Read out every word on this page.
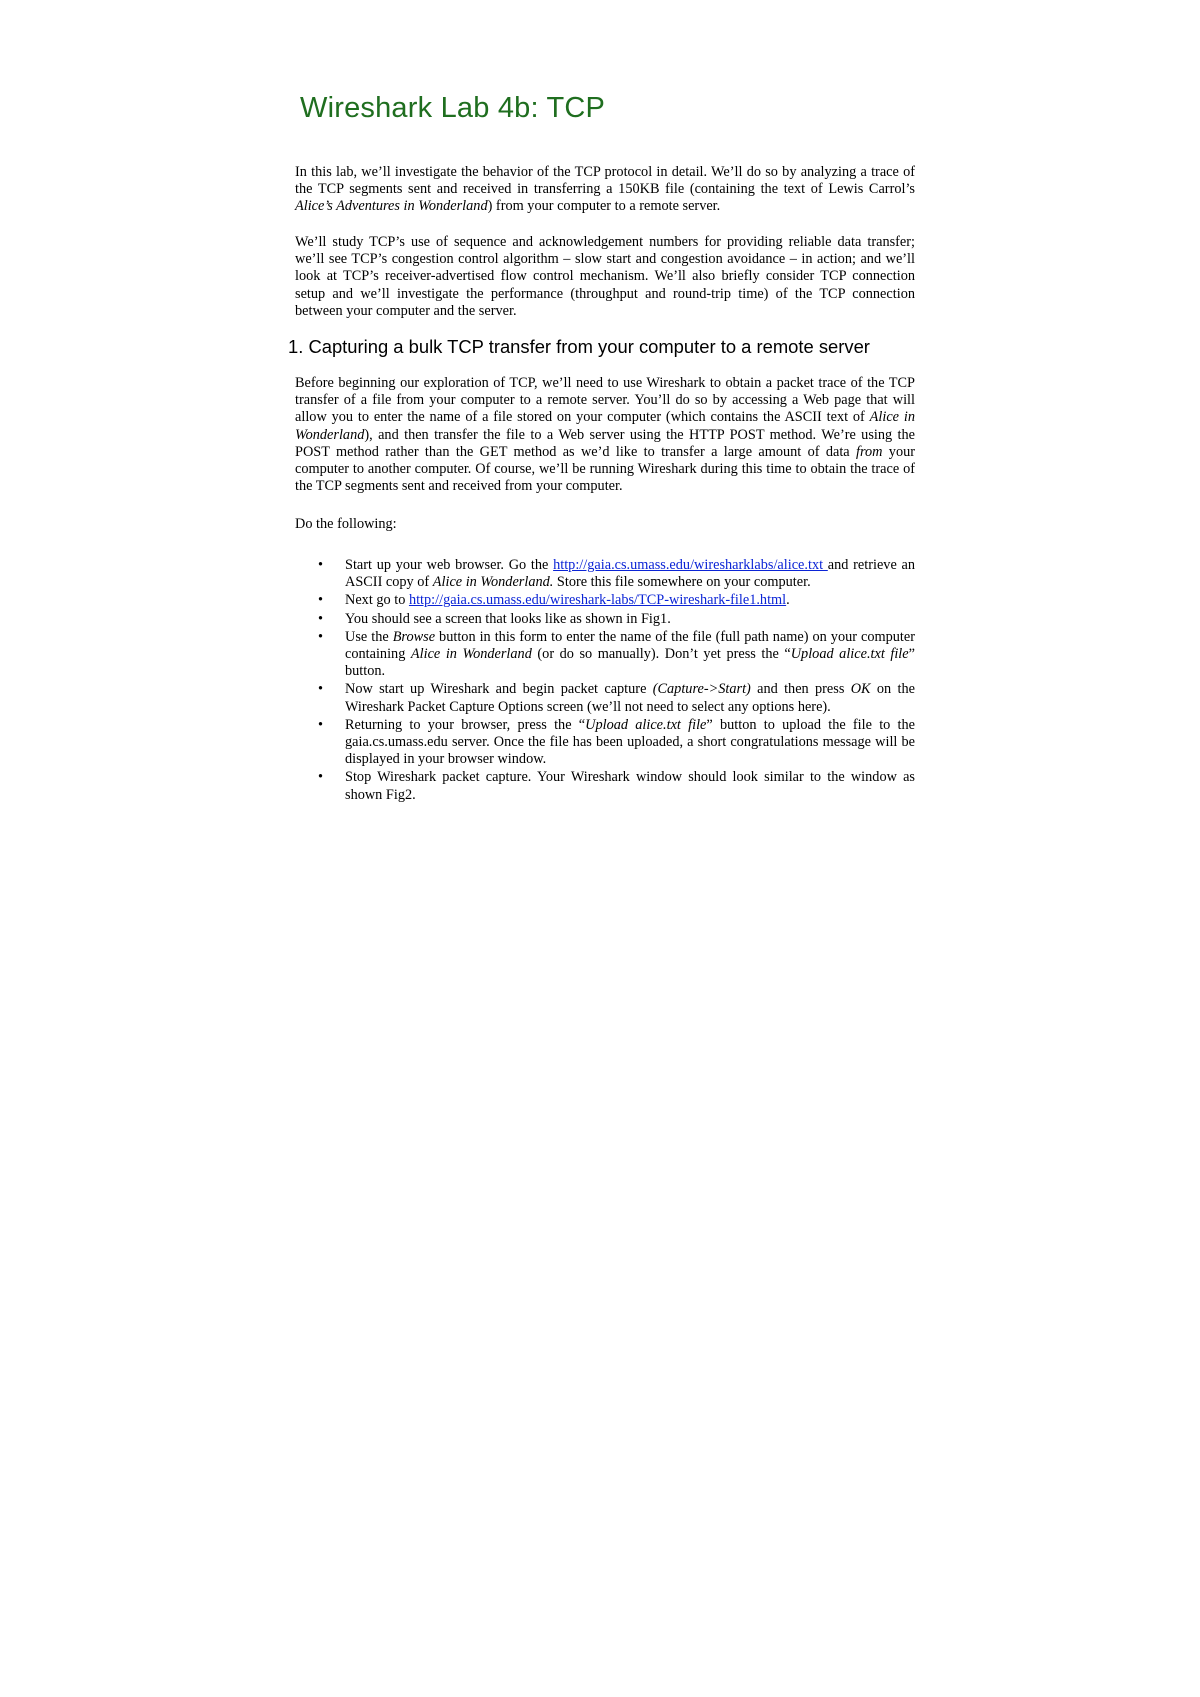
Wireshark Lab 4b: TCP

In this lab, we’ll investigate the behavior of the TCP protocol in detail. We’ll do so by analyzing a trace of the TCP segments sent and received in transferring a 150KB file (containing the text of Lewis Carrol’s Alice’s Adventures in Wonderland) from your computer to a remote server.

We’ll study TCP’s use of sequence and acknowledgement numbers for providing reliable data transfer; we’ll see TCP’s congestion control algorithm – slow start and congestion avoidance – in action; and we’ll look at TCP’s receiver-advertised flow control mechanism. We’ll also briefly consider TCP connection setup and we’ll investigate the performance (throughput and round-trip time) of the TCP connection between your computer and the server.

1. Capturing a bulk TCP transfer from your computer to a remote server

Before beginning our exploration of TCP, we’ll need to use Wireshark to obtain a packet trace of the TCP transfer of a file from your computer to a remote server. You’ll do so by accessing a Web page that will allow you to enter the name of a file stored on your computer (which contains the ASCII text of Alice in Wonderland), and then transfer the file to a Web server using the HTTP POST method. We’re using the POST method rather than the GET method as we’d like to transfer a large amount of data from your computer to another computer. Of course, we’ll be running Wireshark during this time to obtain the trace of the TCP segments sent and received from your computer.

Do the following:

• Start up your web browser. Go the http://gaia.cs.umass.edu/wiresharklabs/alice.txt and retrieve an ASCII copy of Alice in Wonderland. Store this file somewhere on your computer.
• Next go to http://gaia.cs.umass.edu/wireshark-labs/TCP-wireshark-file1.html.
• You should see a screen that looks like as shown in Fig1.
• Use the Browse button in this form to enter the name of the file (full path name) on your computer containing Alice in Wonderland (or do so manually). Don’t yet press the “Upload alice.txt file” button.
• Now start up Wireshark and begin packet capture (Capture->Start) and then press OK on the Wireshark Packet Capture Options screen (we’ll not need to select any options here).
• Returning to your browser, press the “Upload alice.txt file” button to upload the file to the gaia.cs.umass.edu server. Once the file has been uploaded, a short congratulations message will be displayed in your browser window.
• Stop Wireshark packet capture. Your Wireshark window should look similar to the window as shown Fig2.
